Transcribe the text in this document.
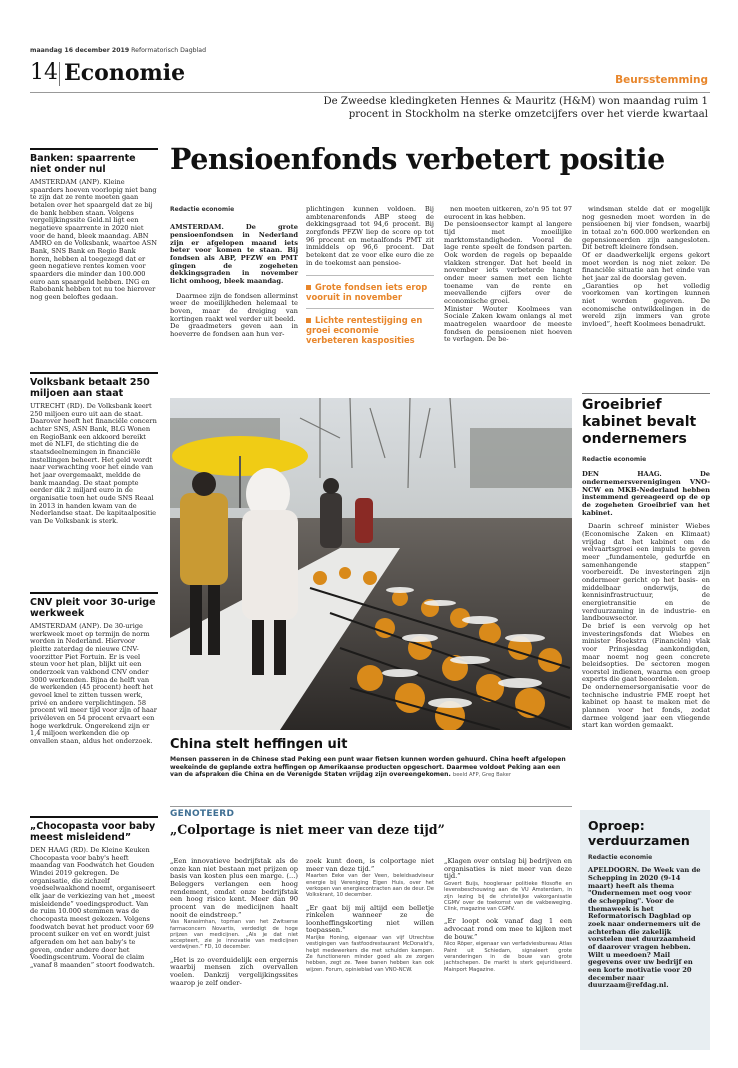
maandag 16 december 2019 Reformatorisch Dagblad
14 Economie	Beursstemming
De Zweedse kledingketen Hennes & Mauritz (H&M) won maandag ruim 1 procent in Stockholm na sterke omzetcijfers over het vierde kwartaal
Banken: spaarrente niet onder nul
AMSTERDAM (ANP). Kleine spaarders hoeven voorlopig niet bang te zijn dat ze rente moeten gaan betalen over het spaargeld dat ze bij de bank hebben staan. Volgens vergelijkingssite Geld.nl ligt een negatieve spaarrente in 2020 niet voor de hand, bleek maandag. ABN AMRO en de Volksbank, waartoe ASN Bank, SNS Bank en Regio Bank horen, hebben al toegezegd dat er geen negatieve rentes komen voor spaarders die minder dan 100.000 euro aan spaargeld hebben. ING en Rabobank hebben tot nu toe hierover nog geen beloftes gedaan.
Volksbank betaalt 250 miljoen aan staat
UTRECHT (RD). De Volksbank keert 250 miljoen euro uit aan de staat. Daarover heeft het financiële concern achter SNS, ASN Bank, BLG Wonen en RegioBank een akkoord bereikt met de NLFI, de stichting die de staatsdeelnemingen in financiële instellingen beheert. Het geld wordt naar verwachting voor het einde van het jaar overgemaakt, meldde de bank maandag. De staat pompte eerder dik 2 miljard euro in de organisatie toen het oude SNS Reaal in 2013 in handen kwam van de Nederlandse staat. De kapitaalpositie van De Volksbank is sterk.
CNV pleit voor 30-urige werkweek
AMSTERDAM (ANP). De 30-urige werkweek moet op termijn de norm worden in Nederland. Hiervoor pleitte zaterdag de nieuwe CNV-voorzitter Piet Fortuin. Er is veel steun voor het plan, blijkt uit een onderzoek van vakbond CNV onder 3000 werkenden. Bijna de helft van de werkenden (45 procent) heeft het gevoel knel te zitten tussen werk, privé en andere verplichtingen. 58 procent wil meer tijd voor zijn of haar privéleven en 54 procent ervaart een hoge werkdruk. Ongerekend zijn er 1,4 miljoen werkenden die op onvallen staan, aldus het onderzoek.
„Chocopasta voor baby meest misleidend”
DEN HAAG (RD). De Kleine Keuken Chocopasta voor baby's heeft maandag van Foodwatch het Gouden Windei 2019 gekregen. De organisatie, die zichzelf voedselwaakhond noemt, organiseert elk jaar de verkiezing van het „meest misleidende” voedingsproduct. Van de ruim 10.000 stemmen was de chocopasta meest gekozen. Volgens foodwatch bevat het product voor 69 procent suiker en vet en wordt juist afgeraden om het aan baby's te geven, onder andere door het Voedingscentrum. Vooral de claim „vanaf 8 maanden” stoort foodwatch.
Pensioenfonds verbetert positie
Redactie economie
AMSTERDAM. De grote pensioenfondsen in Nederland zijn er afgelopen maand iets beter voor komen te staan. Bij fondsen als ABP, PFZW en PMT gingen de zogeheten dekkingsgraden in november licht omhoog, bleek maandag.
Daarmee zijn de fondsen allerminst weer de moeilijkheden helemaal te boven, maar de dreiging van kortingen raakt wel verder uit beeld.
De graadmeters geven aan in hoeverre de fondsen aan hun ver-
plichtingen kunnen voldoen. Bij ambtenarenfonds ABP steeg de dekkingsgraad tot 94,6 procent. Bij zorgfonds PFZW liep de score op tot 96 procent en metaalfonds PMT zit inmiddels op 96,6 procent. Dat betekent dat ze voor elke euro die ze in de toekomst aan pensioe-
Grote fondsen iets erop vooruit in november
Lichte rentestijging en groei economie verbeteren kasposities
nen moeten uitkeren, zo'n 95 tot 97 eurocent in kas hebben.
De pensioensector kampt al langere tijd met moeilijke marktomstandigheden. Vooral de lage rente speelt de fondsen parten. Ook worden de regels op bepaalde vlakken strenger. Dat het beeld in november iets verbeterde hangt onder meer samen met een lichte toename van de rente en meevallende cijfers over de economische groei.
Minister Wouter Koolmees van Sociale Zaken kwam onlangs al met maatregelen waardoor de meeste fondsen de pensioenen niet hoeven te verlagen. De be-
windsman stelde dat er mogelijk nog gesneden moet worden in de pensioenen bij vier fondsen, waarbij in totaal zo'n 600.000 werkenden en gepensioneerden zijn aangesloten. Dit betreft kleinere fondsen.
Of er daadwerkelijk ergens gekort moet worden is nog niet zeker. De financiële situatie aan het einde van het jaar zal de doorslag geven.
„Garanties op het volledig voorkomen van kortingen kunnen niet worden gegeven. De economische ontwikkelingen in de wereld zijn immers van grote invloed”, heeft Koolmees benadrukt.
China stelt heffingen uit
Mensen passeren in de Chinese stad Peking een punt waar fietsen kunnen worden gehuurd. China heeft afgelopen weekeinde de geplande extra heffingen op Amerikaanse producten opgeschort. Daarmee voldoet Peking aan een van de afspraken die China en de Verenigde Staten vrijdag zijn overeengekomen. beeld AFP, Greg Baker
Groeibrief kabinet bevalt ondernemers
Redactie economie
DEN HAAG. De ondernemersverenigingen VNO-NCW en MKB-Nederland hebben instemmend gereageerd op de op de zogeheten Groeibrief van het kabinet.
Daarin schreef minister Wiebes (Economische Zaken en Klimaat) vrijdag dat het kabinet om de welvaartsgroei een impuls te geven meer „fundamentele, gedurfde en samenhangende stappen” voorbereidt. De investeringen zijn ondermeer gericht op het basis- en middelbaar onderwijs, de kennisinfrastructuur, de energietransitie en de verduurzaming in de industrie- en landbouwsector.
De brief is een vervolg op het investeringsfonds dat Wiebes en minister Hoekstra (Financiën) vlak voor Prinsjesdag aankondigden, maar noemt nog geen concrete beleidsopties. De sectoren mogen voorstel indienen, waarna een groep experts die gaat beoordelen.
De ondernemersorganisatie voor de technische industrie FME roept het kabinet op haast te maken met de plannen voor het fonds, zodat darmee volgend jaar een vliegende start kan worden gemaakt.
GENOTEERD
„Colportage is niet meer van deze tijd”

„Een innovatieve bedrijfstak als de onze kan niet bestaan met prijzen op basis van kosten plus een marge. (...) Beleggers verlangen een hoog rendement, omdat onze bedrijfstak een hoog risico kent. Meer dan 90 procent van de medicijnen haalt nooit de eindstreep.”
Vas Narasimhan, topman van het Zwitserse farmaconcern Novartis, verdedigt de hoge prijzen van medicijnen. „Als je dat niet accepteert, zie je innovatie van medicijnen verdwijnen.” FD, 10 december.

„Het is zo overduidelijk een ergernis waarbij mensen zich overvallen voelen. Dankzij vergelijkingssites waarop je zelf onder-

zoek kunt doen, is colportage niet meer van deze tijd.”
Maarten Eeke van der Veen, beleidsadviseur energie bij Vereniging Eigen Huis, over het verkopen van energiecontracten aan de deur. De Volkskrant, 10 december.

„Er gaat bij mij altijd een belletje rinkelen wanneer ze de loonheffingskorting niet willen toepassen.”
Marijke Honing, eigenaar van vijf Utrechtse vestigingen van fastfoodrestaurant McDonald's, helpt medewerkers die met schulden kampen. Ze functioneren minder goed als ze zorgen hebben, zegt ze. Twee banen hebben kan ook wijzen. Forum, opinieblad van VNO-NCW.

„Klagen over ontslag bij bedrijven en organisaties is niet meer van deze tijd.”
Govert Buijs, hoogleraar politieke filosofie en levensbeschouwing aan de VU Amsterdam, in zijn lezing bij de christelijke vakorganisatie CGMV over de toekomst van de vakbeweging. Clink, magazine van CGMV.

„Er loopt ook vanaf dag 1 een advocaat rond om mee te kijken met de bouw.”
Nico Röper, eigenaar van verfadviesbureau Atlas Paint uit Schiedam, signaleert grote veranderingen in de bouw van grote jachtschepen. De markt is sterk gejuridiseerd. Mainport Magazine.

Oproep: verduurzamen
Redactie economie
APELDOORN. De Week van de Schepping in 2020 (9-14 maart) heeft als thema "Ondernemen met oog voor de schepping". Voor de themaweek is het Reformatorisch Dagblad op zoek naar ondernemers uit de achterban die zakelijk vorstelen met duurzaamheid of daarover vragen hebben.
Wilt u meedoen? Mail gegevens over uw bedrijf en een korte motivatie voor 20 december naar duurzaam@refdag.nl.
